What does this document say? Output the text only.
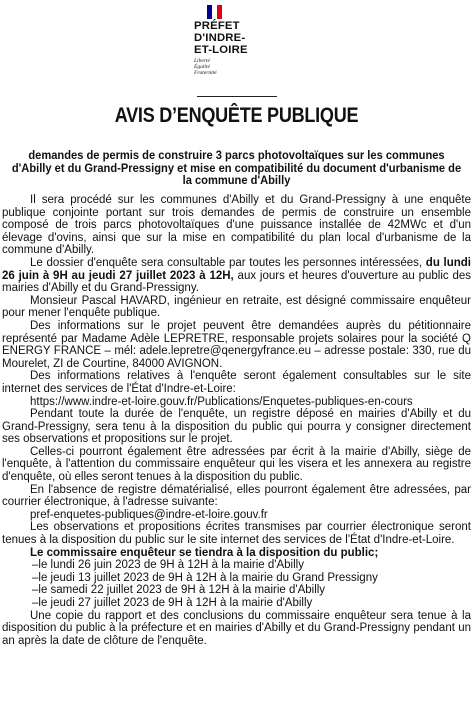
PRÉFET
D'INDRE-
ET-LOIRE
Liberté
Égalité
Fraternité
AVIS D’ENQUÊTE PUBLIQUE
demandes de permis de construire 3 parcs photovoltaïques sur les communes d'Abilly et du Grand-Pressigny et mise en compatibilité du document d'urbanisme de la commune d'Abilly

Il sera procédé sur les communes d'Abilly et du Grand-Pressigny à une enquête publique conjointe portant sur trois demandes de permis de construire un ensemble composé de trois parcs photovoltaïques d'une puissance installée de 42MWc et d'un élevage d'ovins, ainsi que sur la mise en compatibilité du plan local d'urbanisme de la commune d'Abilly.

Le dossier d'enquête sera consultable par toutes les personnes intéressées, du lundi 26 juin à 9H au jeudi 27 juillet 2023 à 12H, aux jours et heures d'ouverture au public des mairies d'Abilly et du Grand-Pressigny.

Monsieur Pascal HAVARD, ingénieur en retraite, est désigné commissaire enquêteur pour mener l'enquête publique.

Des informations sur le projet peuvent être demandées auprès du pétitionnaire représenté par Madame Adèle LEPRETRE, responsable projets solaires pour la société Q ENERGY FRANCE – mél: adele.lepretre@qenergyfrance.eu – adresse postale: 330, rue du Mourelet, ZI de Courtine, 84000 AVIGNON.

Des informations relatives à l'enquête seront également consultables sur le site internet des services de l'État d'Indre-et-Loire:

https://www.indre-et-loire.gouv.fr/Publications/Enquetes-publiques-en-cours

Pendant toute la durée de l'enquête, un registre déposé en mairies d'Abilly et du Grand-Pressigny, sera tenu à la disposition du public qui pourra y consigner directement ses observations et propositions sur le projet.

Celles-ci pourront également être adressées par écrit à la mairie d'Abilly, siège de l'enquête, à l'attention du commissaire enquêteur qui les visera et les annexera au registre d'enquête, où elles seront tenues à la disposition du public.

En l'absence de registre dématérialisé, elles pourront également être adressées, par courrier électronique, à l'adresse suivante:

pref-enquetes-publiques@indre-et-loire.gouv.fr

Les observations et propositions écrites transmises par courrier électronique seront tenues à la disposition du public sur le site internet des services de l'État d'Indre-et-Loire.

Le commissaire enquêteur se tiendra à la disposition du public;

–le lundi 26 juin 2023 de 9H à 12H à la mairie d'Abilly

–le jeudi 13 juillet 2023 de 9H à 12H à la mairie du Grand Pressigny

–le samedi 22 juillet 2023 de 9H à 12H à la mairie d'Abilly

–le jeudi 27 juillet 2023 de 9H à 12H à la mairie d'Abilly

Une copie du rapport et des conclusions du commissaire enquêteur sera tenue à la disposition du public à la préfecture et en mairies d'Abilly et du Grand-Pressigny pendant un an après la date de clôture de l'enquête.
